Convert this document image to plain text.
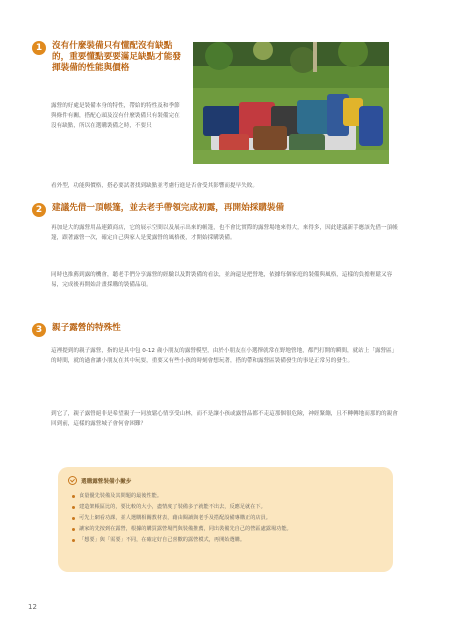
1	沒有什麼裝備只有懂配沒有缺點的，重要懂點要要滿足缺點才能發揮裝備的性能與價格

露營的好處是裝備本身的特性，帶給的特性及和季節與條件有關，搭配心頭及沒有什麼裝備只有裝備完在沒有缺點，所以在選購裝備之時，不要只

看外型，功能與價格，搭必要試著找到缺點並考慮行進是否會受其影響而提早失敗。

2	建議先借一頂帳篷，並去老手帶領完成初露，再開始採購裝備

再加是大的露營用品連鎖商店，它的展示空間以及展示出來的帳篷，也不會比實際的露營場地來得大，來得多，因此建議新手應該先借一頂帳篷，跟著露營一次，確定自己與家人是愛露營的風格後，才開始採購裝備。

同時也推薦到露的機會，聽老手們分享露營的經驗以及對裝備的看法，並詢還是把營地，依據每個家庭的裝備與風格，這樣的負擔輕鬆又容易，完成後再開始計畫採購的裝備品項。

3	親子露營的特殊性

這裡提到的親子露營，指的是具中包 0-12 歲小朋友的露營模型，由於小朋友在小選擇就常在野地營地，都門打開的瞬間，就站上「露營區」的時間，就的過會讓小朋友在其中玩耍，重要又有些小孩的時刻會想玩著，搭的帶和露營區裝備發生的事是正常另的發生。

到它了，親子露營絕非是希望親子一同放鬆心情享受山林，而不是讓小孩或露營品都不走這那個很危險，神經緊繃，且不轉轉地而那的的親會回到前，這樣的露營城子會何會困難？

選購露營裝備小撇步
食量優先裝備及其問題的最後性能。
建造架帳區比的，要比較的大小，盡情度了裝備多子就能不出去，反應足就在下。
可先上網看功課，並人選購相關教材表，藉由閱讀與老手及搭配設備專購正的店員。
讓家的先按到在露營，根據的購買露營場門與裝備推薦，同出裝備先自己的營區處露場功能。
「想要」與「需要」不同，在確定好自己喜歡的露營模式，再開始選購。
12
